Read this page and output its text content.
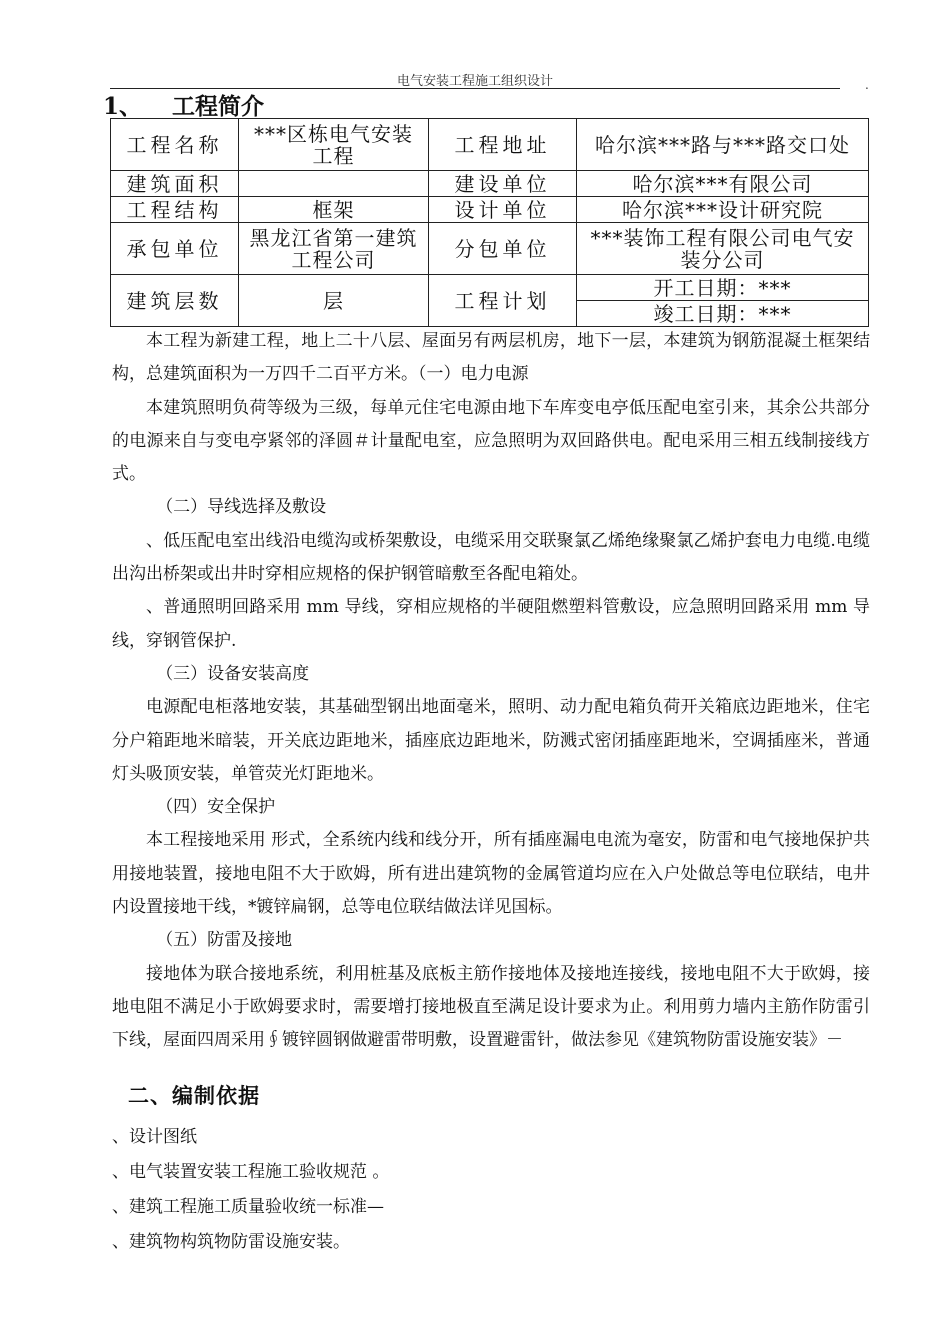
电气安装工程施工组织设计	.
1、 工程简介
工程名称	***区栋电气安装工程	工程地址	哈尔滨***路与***路交口处
建筑面积		建设单位	哈尔滨***有限公司
工程结构	框架	设计单位	哈尔滨***设计研究院
承包单位	黑龙江省第一建筑工程公司	分包单位	***装饰工程有限公司电气安装分公司
建筑层数	层	工程计划	开工日期：***
			竣工日期：***

本工程为新建工程，地上二十八层、屋面另有两层机房，地下一层，本建筑为钢筋混凝土框架结构，总建筑面积为一万四千二百平方米。（一）电力电源

本建筑照明负荷等级为三级，每单元住宅电源由地下车库变电亭低压配电室引来，其余公共部分的电源来自与变电亭紧邻的泽圆＃计量配电室，应急照明为双回路供电。配电采用三相五线制接线方式。

（二）导线选择及敷设

、低压配电室出线沿电缆沟或桥架敷设，电缆采用交联聚氯乙烯绝缘聚氯乙烯护套电力电缆.电缆出沟出桥架或出井时穿相应规格的保护钢管暗敷至各配电箱处。

、普通照明回路采用 mm 导线，穿相应规格的半硬阻燃塑料管敷设，应急照明回路采用 mm 导线，穿钢管保护.

（三）设备安装高度

电源配电柜落地安装，其基础型钢出地面毫米，照明、动力配电箱负荷开关箱底边距地米，住宅分户箱距地米暗装，开关底边距地米，插座底边距地米，防溅式密闭插座距地米，空调插座米，普通灯头吸顶安装，单管荧光灯距地米。

（四）安全保护

本工程接地采用 形式，全系统内线和线分开，所有插座漏电电流为毫安，防雷和电气接地保护共用接地装置，接地电阻不大于欧姆，所有进出建筑物的金属管道均应在入户处做总等电位联结，电井内设置接地干线，*镀锌扁钢，总等电位联结做法详见国标。

（五）防雷及接地

接地体为联合接地系统，利用桩基及底板主筋作接地体及接地连接线，接地电阻不大于欧姆，接地电阻不满足小于欧姆要求时，需要增打接地极直至满足设计要求为止。利用剪力墙内主筋作防雷引下线，屋面四周采用∮镀锌圆钢做避雷带明敷，设置避雷针，做法参见《建筑物防雷设施安装》－

二、编制依据
、设计图纸
、电气装置安装工程施工验收规范 。
、建筑工程施工质量验收统一标准—
、建筑物构筑物防雷设施安装。
